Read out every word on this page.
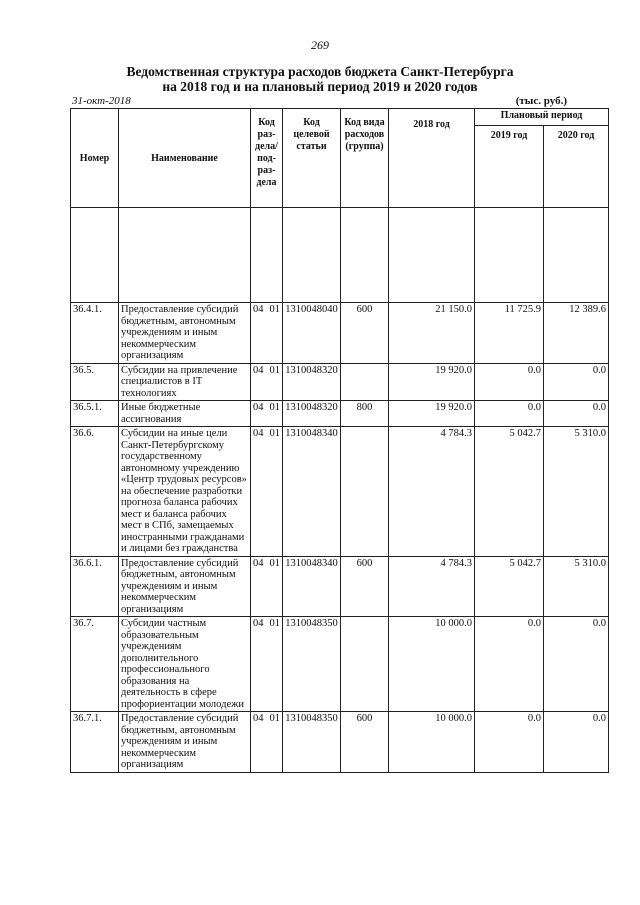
269
Ведомственная структура расходов бюджета Санкт-Петербурга
на 2018 год и на плановый период 2019 и 2020 годов
31-окт-2018	(тыс. руб.)
Номер	Наименование	Код раз-дела/ под-раз-дела	Код целевой статьи	Код вида расходов (группа)	2018 год	Плановый период	
						2019 год	2020 год

36.4.1.	Предоставление субсидий бюджетным, автономным учреждениям и иным некоммерческим организациям	04 01	1310048040	600	21 150.0	11 725.9	12 389.6
36.5.	Субсидии на привлечение специалистов в IT технологиях	04 01	1310048320		19 920.0	0.0	0.0
36.5.1.	Иные бюджетные ассигнования	04 01	1310048320	800	19 920.0	0.0	0.0
36.6.	Субсидии на иные цели Санкт-Петербургскому государственному автономному учреждению «Центр трудовых ресурсов» на обеспечение разработки прогноза баланса рабочих мест и баланса рабочих мест в СПб, замещаемых иностранными гражданами и лицами без гражданства	04 01	1310048340		4 784.3	5 042.7	5 310.0
36.6.1.	Предоставление субсидий бюджетным, автономным учреждениям и иным некоммерческим организациям	04 01	1310048340	600	4 784.3	5 042.7	5 310.0
36.7.	Субсидии частным образовательным учреждениям дополнительного профессионального образования на деятельность в сфере профориентации молодежи	04 01	1310048350		10 000.0	0.0	0.0
36.7.1.	Предоставление субсидий бюджетным, автономным учреждениям и иным некоммерческим организациям	04 01	1310048350	600	10 000.0	0.0	0.0
